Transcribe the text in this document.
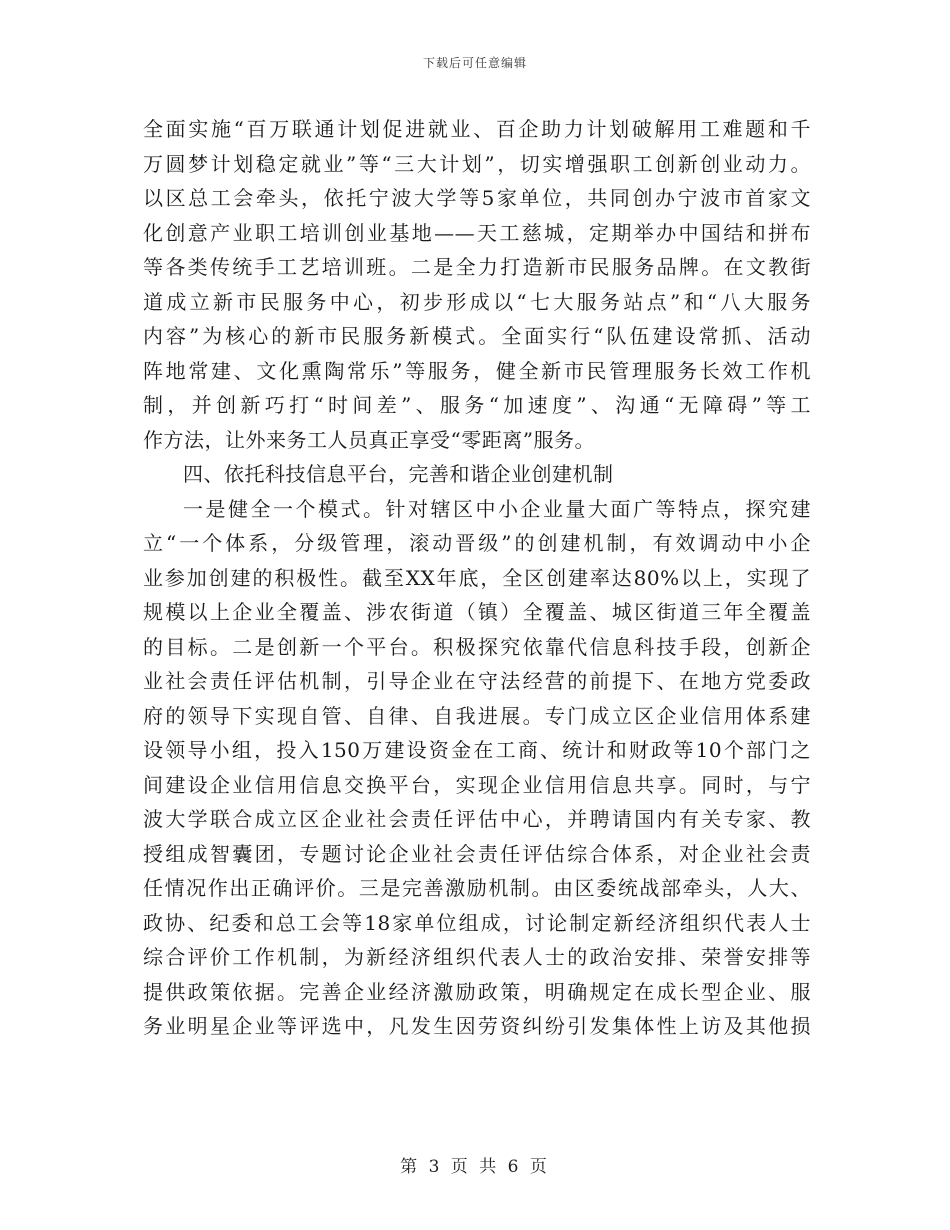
下载后可任意编辑
全面实施“百万联通计划促进就业、百企助力计划破解用工难题和千
万圆梦计划稳定就业”等“三大计划”，切实增强职工创新创业动力。
以区总工会牵头，依托宁波大学等5家单位，共同创办宁波市首家文
化创意产业职工培训创业基地——天工慈城，定期举办中国结和拼布
等各类传统手工艺培训班。二是全力打造新市民服务品牌。在文教街
道成立新市民服务中心，初步形成以“七大服务站点”和“八大服务
内容”为核心的新市民服务新模式。全面实行“队伍建设常抓、活动
阵地常建、文化熏陶常乐”等服务，健全新市民管理服务长效工作机
制，并创新巧打“时间差”、服务“加速度”、沟通“无障碍”等工
作方法，让外来务工人员真正享受“零距离”服务。
四、依托科技信息平台，完善和谐企业创建机制
一是健全一个模式。针对辖区中小企业量大面广等特点，探究建
立“一个体系，分级管理，滚动晋级”的创建机制，有效调动中小企
业参加创建的积极性。截至XX年底，全区创建率达80%以上，实现了
规模以上企业全覆盖、涉农街道（镇）全覆盖、城区街道三年全覆盖
的目标。二是创新一个平台。积极探究依靠代信息科技手段，创新企
业社会责任评估机制，引导企业在守法经营的前提下、在地方党委政
府的领导下实现自管、自律、自我进展。专门成立区企业信用体系建
设领导小组，投入150万建设资金在工商、统计和财政等10个部门之
间建设企业信用信息交换平台，实现企业信用信息共享。同时，与宁
波大学联合成立区企业社会责任评估中心，并聘请国内有关专家、教
授组成智囊团，专题讨论企业社会责任评估综合体系，对企业社会责
任情况作出正确评价。三是完善激励机制。由区委统战部牵头，人大、
政协、纪委和总工会等18家单位组成，讨论制定新经济组织代表人士
综合评价工作机制，为新经济组织代表人士的政治安排、荣誉安排等
提供政策依据。完善企业经济激励政策，明确规定在成长型企业、服
务业明星企业等评选中，凡发生因劳资纠纷引发集体性上访及其他损
第 3 页 共 6 页
